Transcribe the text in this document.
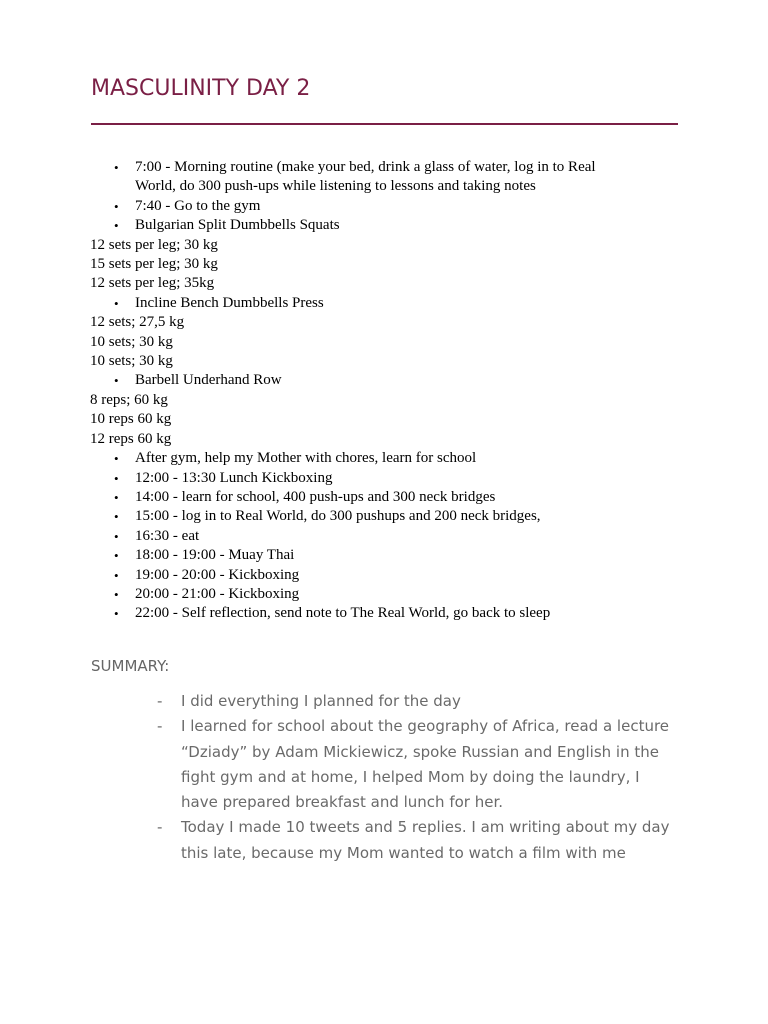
MASCULINITY DAY 2
• 7:00 - Morning routine (make your bed, drink a glass of water, log in to Real
World, do 300 push-ups while listening to lessons and taking notes
• 7:40 - Go to the gym
• Bulgarian Split Dumbbells Squats
12 sets per leg; 30 kg
15 sets per leg; 30 kg
12 sets per leg; 35kg
• Incline Bench Dumbbells Press
12 sets; 27,5 kg
10 sets; 30 kg
10 sets; 30 kg
• Barbell Underhand Row
8 reps; 60 kg
10 reps 60 kg
12 reps 60 kg
• After gym, help my Mother with chores, learn for school
• 12:00 - 13:30 Lunch Kickboxing
• 14:00 - learn for school, 400 push-ups and 300 neck bridges
• 15:00 - log in to Real World, do 300 pushups and 200 neck bridges,
• 16:30 - eat
• 18:00 - 19:00 - Muay Thai
• 19:00 - 20:00 - Kickboxing
• 20:00 - 21:00 - Kickboxing
• 22:00 - Self reflection, send note to The Real World, go back to sleep
SUMMARY:
- I did everything I planned for the day
- I learned for school about the geography of Africa, read a lecture
“Dziady” by Adam Mickiewicz, spoke Russian and English in the
fight gym and at home, I helped Mom by doing the laundry, I
have prepared breakfast and lunch for her.
- Today I made 10 tweets and 5 replies. I am writing about my day
this late, because my Mom wanted to watch a film with me
